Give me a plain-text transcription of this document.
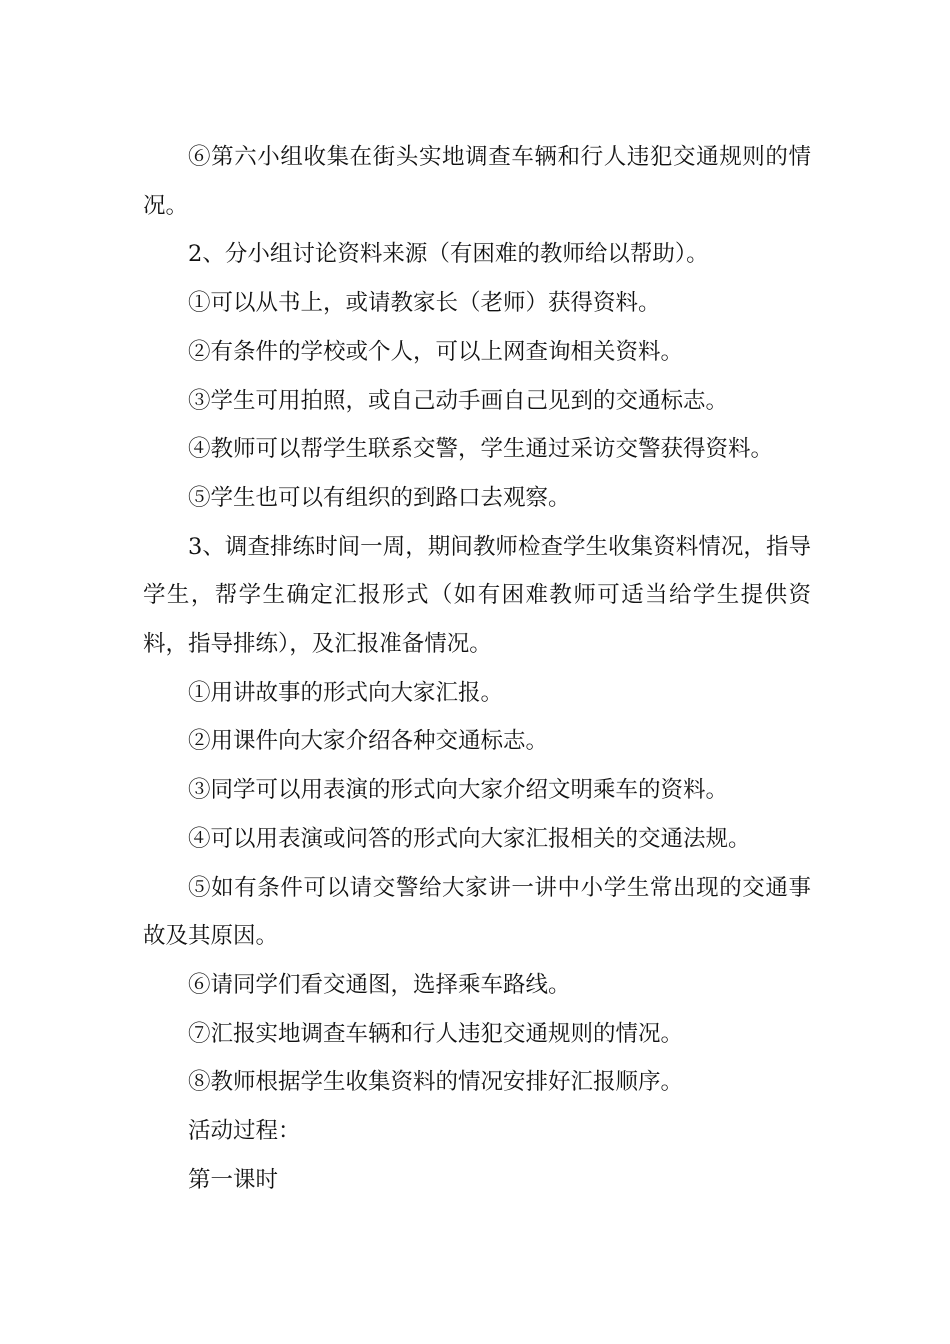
⑥第六小组收集在街头实地调查车辆和行人违犯交通规则的情况。

2、分小组讨论资料来源（有困难的教师给以帮助）。

①可以从书上，或请教家长（老师）获得资料。

②有条件的学校或个人，可以上网查询相关资料。

③学生可用拍照，或自己动手画自己见到的交通标志。

④教师可以帮学生联系交警，学生通过采访交警获得资料。

⑤学生也可以有组织的到路口去观察。

3、调查排练时间一周，期间教师检查学生收集资料情况，指导学生，帮学生确定汇报形式（如有困难教师可适当给学生提供资料，指导排练），及汇报准备情况。

①用讲故事的形式向大家汇报。

②用课件向大家介绍各种交通标志。

③同学可以用表演的形式向大家介绍文明乘车的资料。

④可以用表演或问答的形式向大家汇报相关的交通法规。

⑤如有条件可以请交警给大家讲一讲中小学生常出现的交通事故及其原因。

⑥请同学们看交通图，选择乘车路线。

⑦汇报实地调查车辆和行人违犯交通规则的情况。

⑧教师根据学生收集资料的情况安排好汇报顺序。

活动过程：

第一课时
